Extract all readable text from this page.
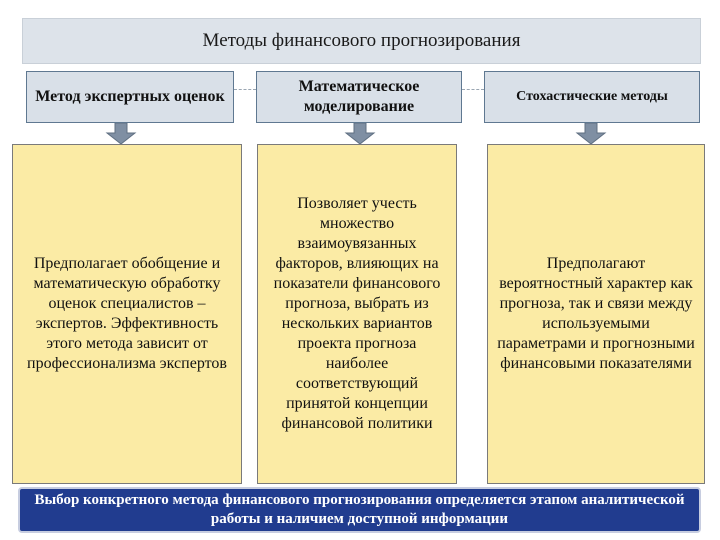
Методы финансового прогнозирования
Метод экспертных оценок
Математическое моделирование
Стохастические методы
Предполагает обобщение и математическую обработку оценок специалистов – экспертов. Эффективность этого метода зависит от профессионализма экспертов
Позволяет учесть множество взаимоувязанных факторов, влияющих на показатели финансового прогноза, выбрать из нескольких вариантов проекта прогноза наиболее соответствующий принятой концепции финансовой политики
Предполагают вероятностный характер как прогноза, так и связи между используемыми параметрами и прогнозными финансовыми показателями
Выбор конкретного метода финансового прогнозирования определяется этапом аналитической работы и наличием доступной информации
